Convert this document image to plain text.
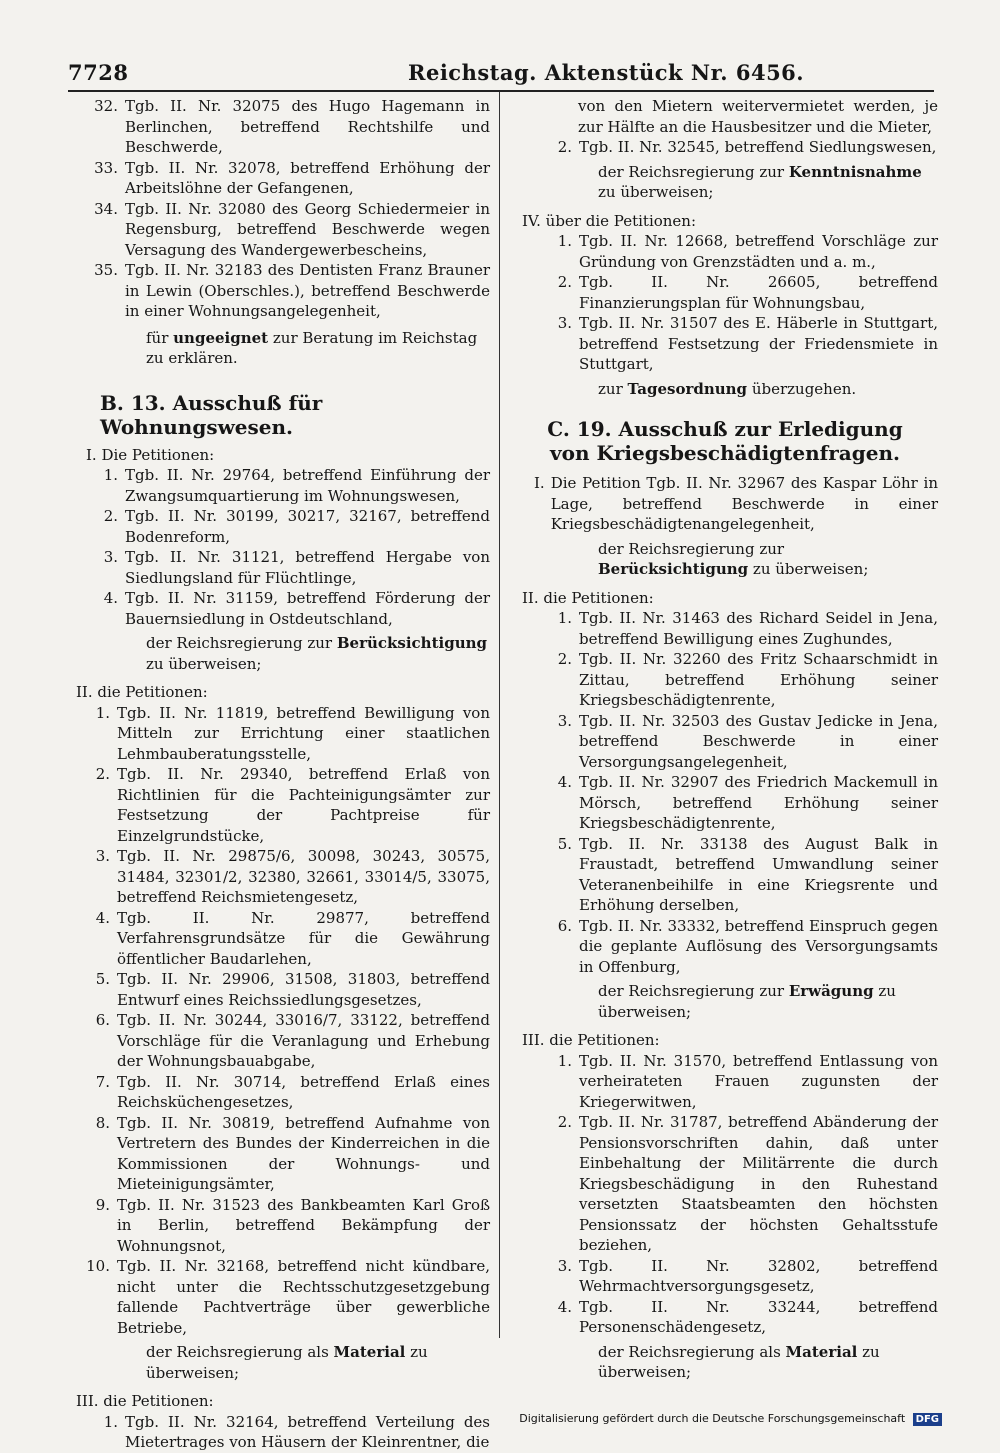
7728	Reichstag. Aktenstück Nr. 6456.
32. Tgb. II. Nr. 32075 des Hugo Hagemann in Berlinchen, betreffend Rechtshilfe und Beschwerde,
33. Tgb. II. Nr. 32078, betreffend Erhöhung der Arbeitslöhne der Gefangenen,
34. Tgb. II. Nr. 32080 des Georg Schiedermeier in Regensburg, betreffend Beschwerde wegen Versagung des Wandergewerbescheins,
35. Tgb. II. Nr. 32183 des Dentisten Franz Brauner in Lewin (Oberschles.), betreffend Beschwerde in einer Wohnungsangelegenheit,
für ungeeignet zur Beratung im Reichstag zu erklären.
B. 13. Ausschuß für Wohnungswesen.
I. Die Petitionen:
1. Tgb. II. Nr. 29764, betreffend Einführung der Zwangsumquartierung im Wohnungswesen,
2. Tgb. II. Nr. 30199, 30217, 32167, betreffend Bodenreform,
3. Tgb. II. Nr. 31121, betreffend Hergabe von Siedlungsland für Flüchtlinge,
4. Tgb. II. Nr. 31159, betreffend Förderung der Bauernsiedlung in Ostdeutschland,
der Reichsregierung zur Berücksichtigung zu überweisen;
II. die Petitionen:
1. Tgb. II. Nr. 11819, betreffend Bewilligung von Mitteln zur Errichtung einer staatlichen Lehmbauberatungsstelle,
2. Tgb. II. Nr. 29340, betreffend Erlaß von Richtlinien für die Pachteinigungsämter zur Festsetzung der Pachtpreise für Einzelgrundstücke,
3. Tgb. II. Nr. 29875/6, 30098, 30243, 30575, 31484, 32301/2, 32380, 32661, 33014/5, 33075, betreffend Reichsmietengesetz,
4. Tgb. II. Nr. 29877, betreffend Verfahrensgrundsätze für die Gewährung öffentlicher Baudarlehen,
5. Tgb. II. Nr. 29906, 31508, 31803, betreffend Entwurf eines Reichssiedlungsgesetzes,
6. Tgb. II. Nr. 30244, 33016/7, 33122, betreffend Vorschläge für die Veranlagung und Erhebung der Wohnungsbauabgabe,
7. Tgb. II. Nr. 30714, betreffend Erlaß eines Reichsküchengesetzes,
8. Tgb. II. Nr. 30819, betreffend Aufnahme von Vertretern des Bundes der Kinderreichen in die Kommissionen der Wohnungs- und Mieteinigungsämter,
9. Tgb. II. Nr. 31523 des Bankbeamten Karl Groß in Berlin, betreffend Bekämpfung der Wohnungsnot,
10. Tgb. II. Nr. 32168, betreffend nicht kündbare, nicht unter die Rechtsschutzgesetzgebung fallende Pachtverträge über gewerbliche Betriebe,
der Reichsregierung als Material zu überweisen;
III. die Petitionen:
1. Tgb. II. Nr. 32164, betreffend Verteilung des Mietertrages von Häusern der Kleinrentner, die
von den Mietern weitervermietet werden, je zur Hälfte an die Hausbesitzer und die Mieter,
2. Tgb. II. Nr. 32545, betreffend Siedlungswesen,
der Reichsregierung zur Kenntnisnahme zu überweisen;
IV. über die Petitionen:
1. Tgb. II. Nr. 12668, betreffend Vorschläge zur Gründung von Grenzstädten und a. m.,
2. Tgb. II. Nr. 26605, betreffend Finanzierungsplan für Wohnungsbau,
3. Tgb. II. Nr. 31507 des E. Häberle in Stuttgart, betreffend Festsetzung der Friedensmiete in Stuttgart,
zur Tagesordnung überzugehen.
C. 19. Ausschuß zur Erledigung von Kriegsbeschädigtenfragen.
I. Die Petition Tgb. II. Nr. 32967 des Kaspar Löhr in Lage, betreffend Beschwerde in einer Kriegsbeschädigtenangelegenheit,
der Reichsregierung zur Berücksichtigung zu überweisen;
II. die Petitionen:
1. Tgb. II. Nr. 31463 des Richard Seidel in Jena, betreffend Bewilligung eines Zughundes,
2. Tgb. II. Nr. 32260 des Fritz Schaarschmidt in Zittau, betreffend Erhöhung seiner Kriegsbeschädigtenrente,
3. Tgb. II. Nr. 32503 des Gustav Jedicke in Jena, betreffend Beschwerde in einer Versorgungsangelegenheit,
4. Tgb. II. Nr. 32907 des Friedrich Mackemull in Mörsch, betreffend Erhöhung seiner Kriegsbeschädigtenrente,
5. Tgb. II. Nr. 33138 des August Balk in Fraustadt, betreffend Umwandlung seiner Veteranenbeihilfe in eine Kriegsrente und Erhöhung derselben,
6. Tgb. II. Nr. 33332, betreffend Einspruch gegen die geplante Auflösung des Versorgungsamts in Offenburg,
der Reichsregierung zur Erwägung zu überweisen;
III. die Petitionen:
1. Tgb. II. Nr. 31570, betreffend Entlassung von verheirateten Frauen zugunsten der Kriegerwitwen,
2. Tgb. II. Nr. 31787, betreffend Abänderung der Pensionsvorschriften dahin, daß unter Einbehaltung der Militärrente die durch Kriegsbeschädigung in den Ruhestand versetzten Staatsbeamten den höchsten Pensionssatz der höchsten Gehaltsstufe beziehen,
3. Tgb. II. Nr. 32802, betreffend Wehrmachtversorgungsgesetz,
4. Tgb. II. Nr. 33244, betreffend Personenschädengesetz,
der Reichsregierung als Material zu überweisen;
Digitalisierung gefördert durch die Deutsche Forschungsgemeinschaft DFG
